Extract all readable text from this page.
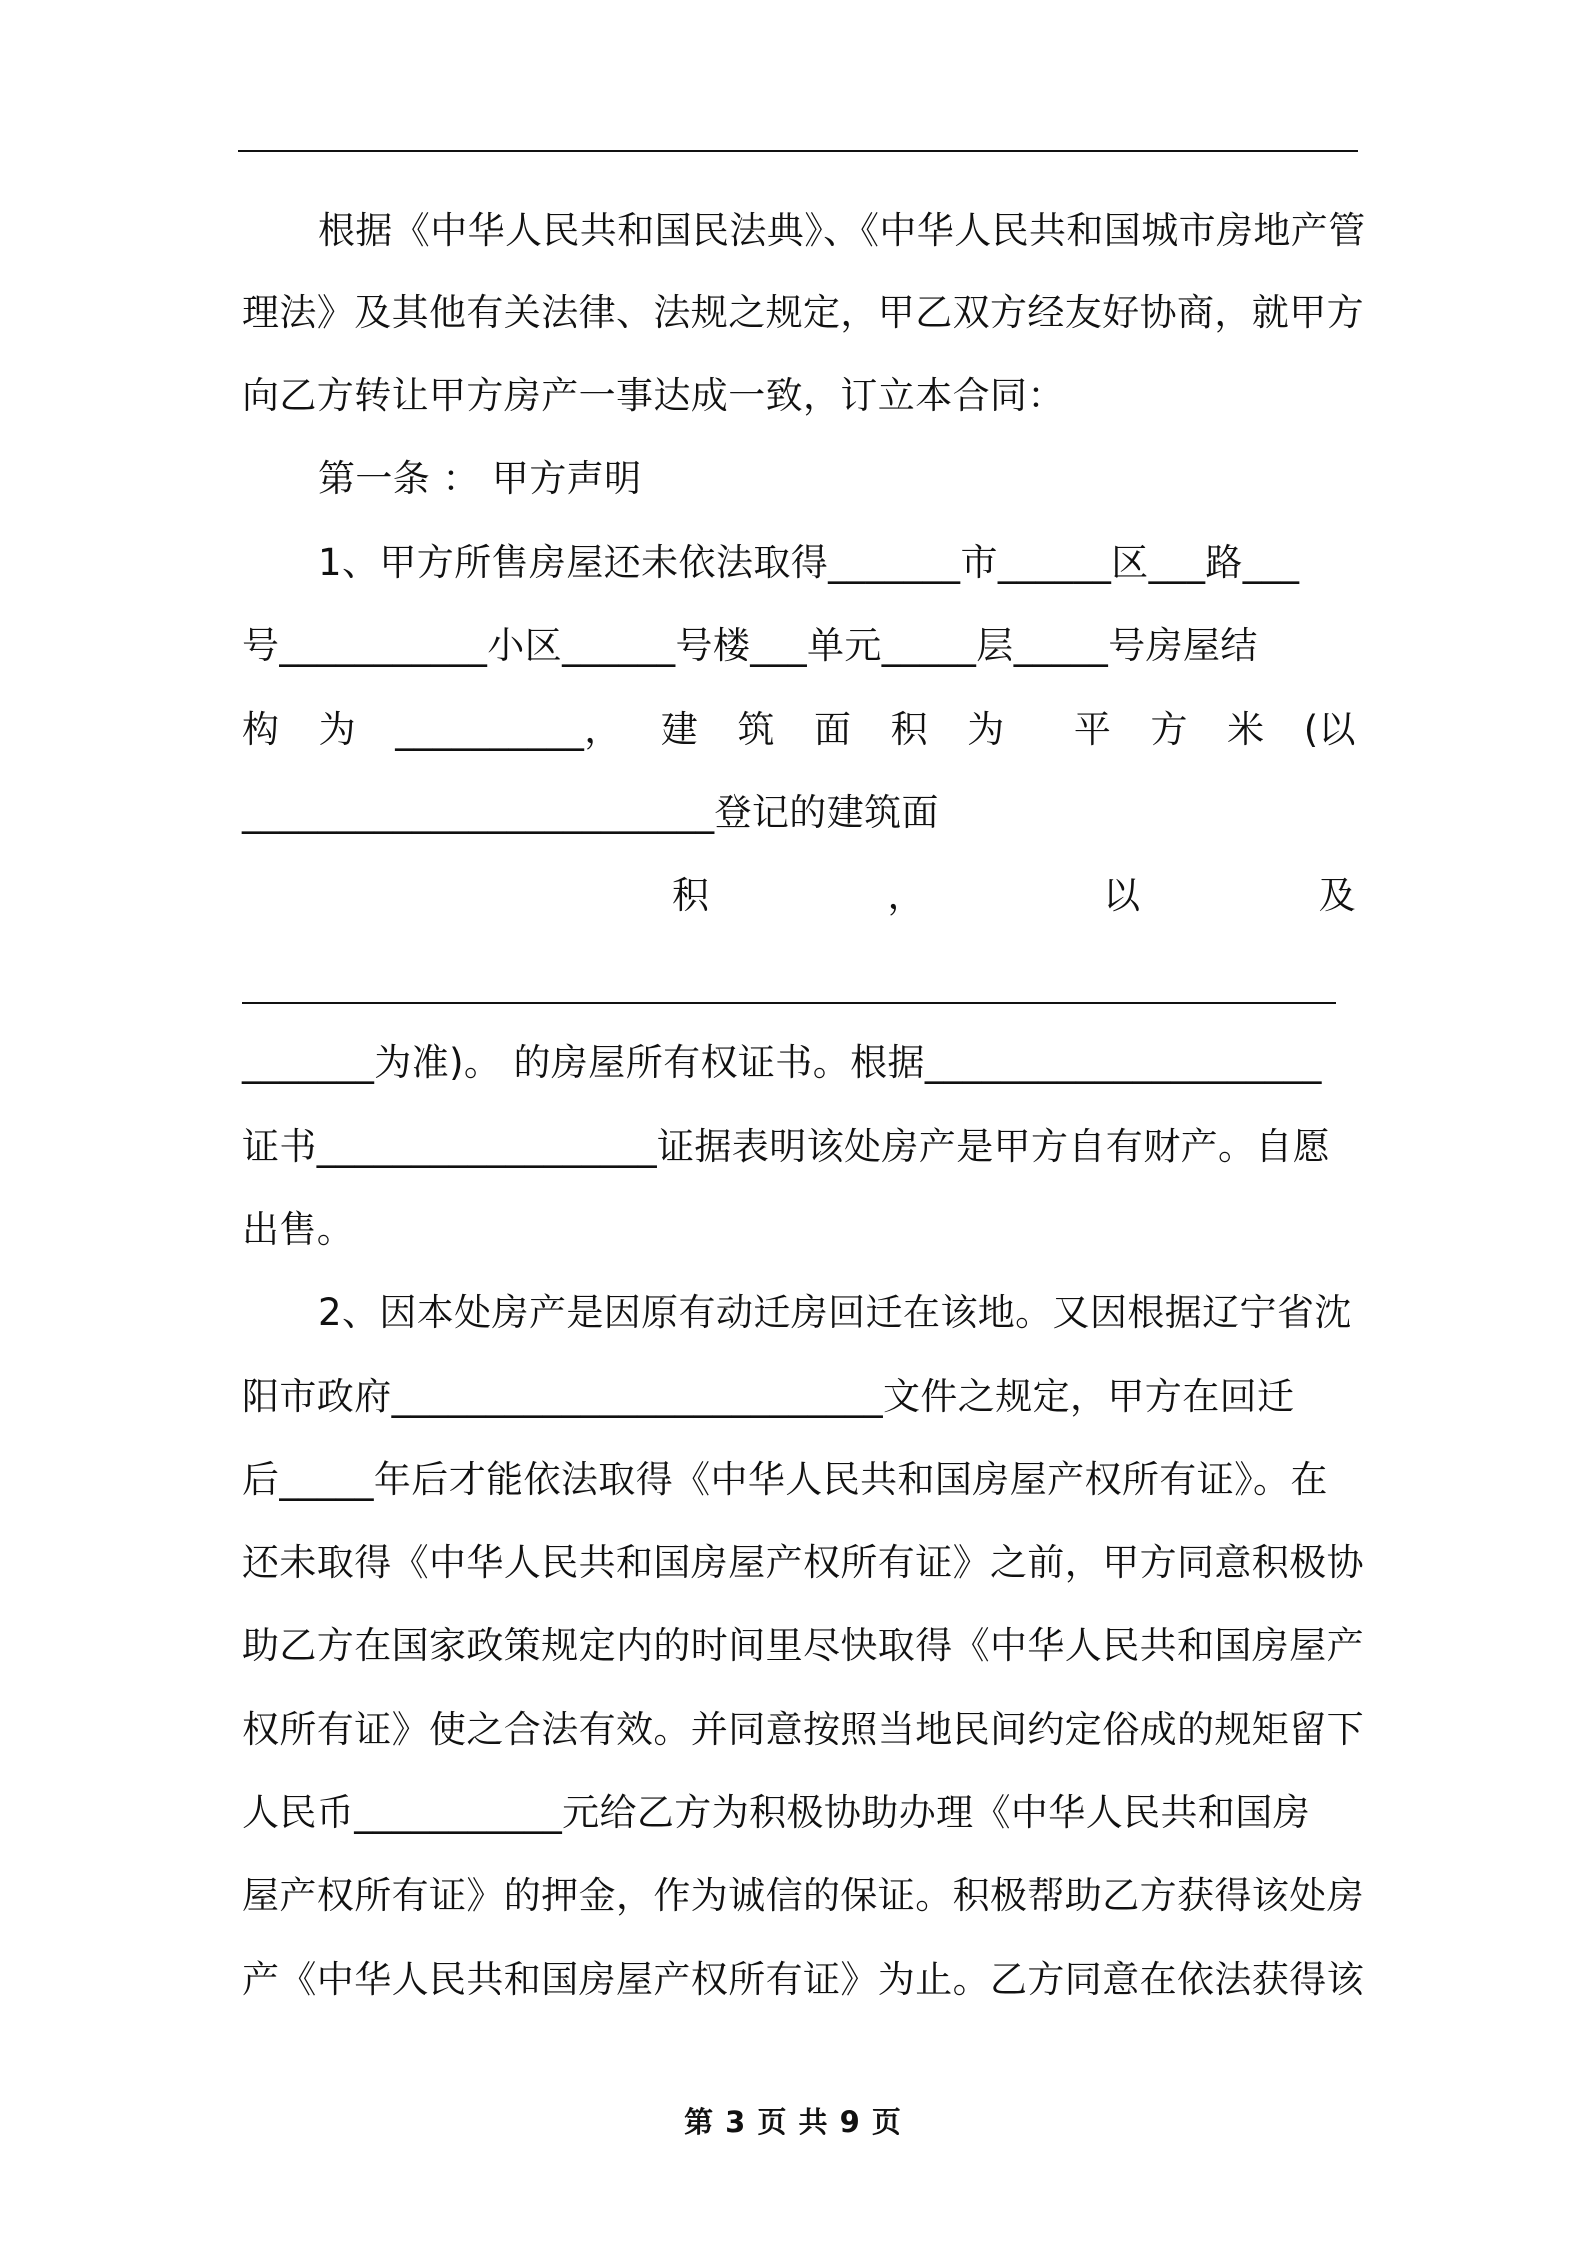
根据《中华人民共和国民法典》、《中华人民共和国城市房地产管
理法》及其他有关法律、法规之规定，甲乙双方经友好协商，就甲方
向乙方转让甲方房产一事达成一致，订立本合同：
第一条 ： 甲方声明
1、甲方所售房屋还未依法取得_______市______区___路___
号___________小区______号楼___单元_____层_____号房屋结
构 为 __________， 建 筑 面 积 为 平 方 米 (以
_________________________登记的建筑面
积	，	以	及
_______为准)。 的房屋所有权证书。根据_____________________
证书__________________证据表明该处房产是甲方自有财产。自愿
出售。
2、因本处房产是因原有动迁房回迁在该地。又因根据辽宁省沈
阳市政府__________________________文件之规定，甲方在回迁
后_____年后才能依法取得《中华人民共和国房屋产权所有证》。在
还未取得《中华人民共和国房屋产权所有证》之前，甲方同意积极协
助乙方在国家政策规定内的时间里尽快取得《中华人民共和国房屋产
权所有证》使之合法有效。并同意按照当地民间约定俗成的规矩留下
人民币___________元给乙方为积极协助办理《中华人民共和国房
屋产权所有证》的押金，作为诚信的保证。积极帮助乙方获得该处房
产《中华人民共和国房屋产权所有证》为止。乙方同意在依法获得该
第 3 页 共 9 页
